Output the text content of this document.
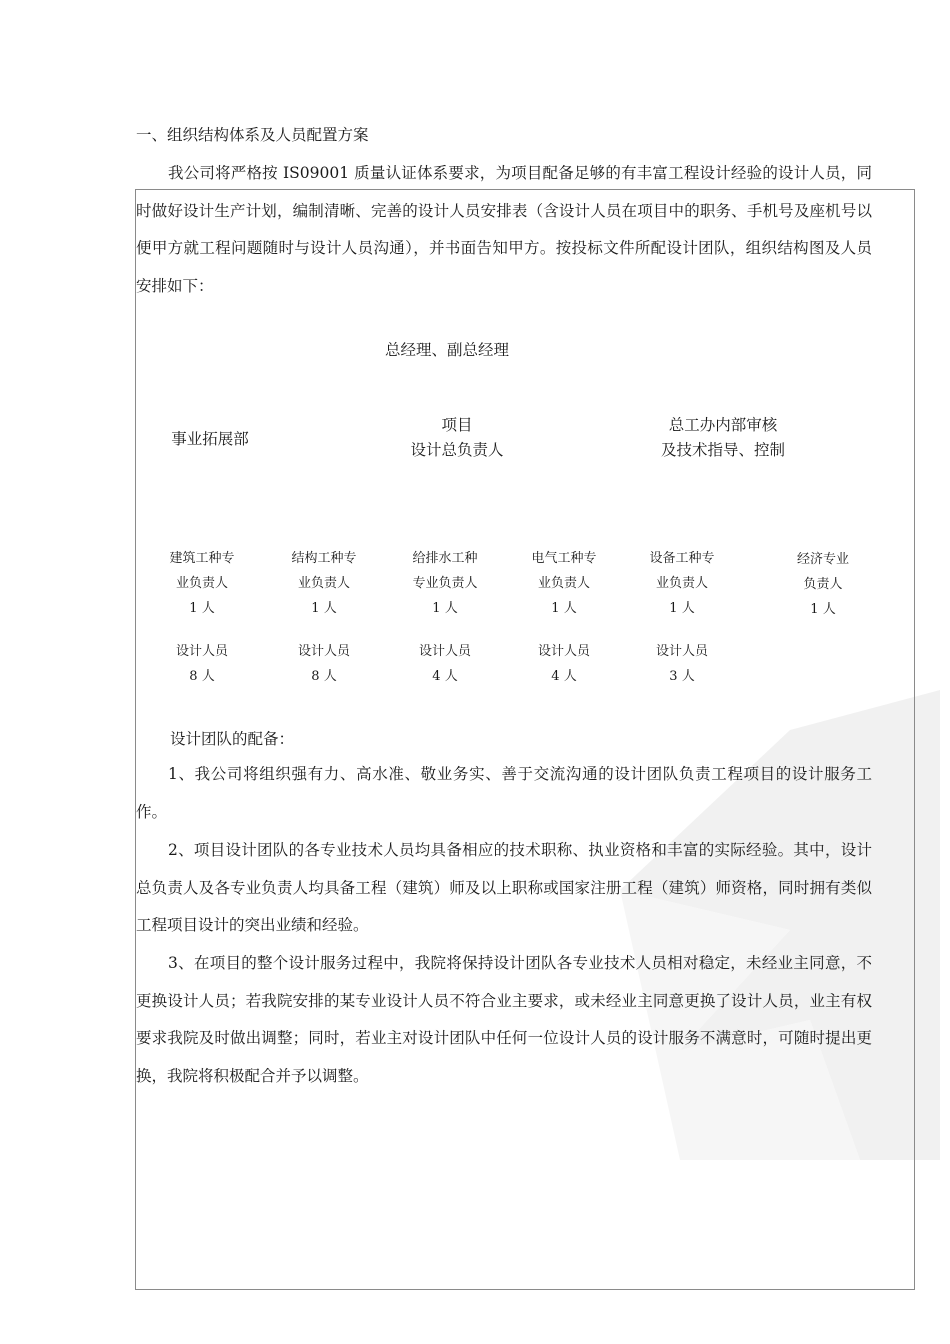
一、组织结构体系及人员配置方案

我公司将严格按 IS09001 质量认证体系要求，为项目配备足够的有丰富工程设计经验的设计人员，同时做好设计生产计划，编制清晰、完善的设计人员安排表（含设计人员在项目中的职务、手机号及座机号以便甲方就工程问题随时与设计人员沟通），并书面告知甲方。按投标文件所配设计团队，组织结构图及人员安排如下：

总经理、副总经理
事业拓展部
项目
设计总负责人
总工办内部审核
及技术指导、控制
建筑工种专
业负责人
1 人
结构工种专
业负责人
1 人
给排水工种
专业负责人
1 人
电气工种专
业负责人
1 人
设备工种专
业负责人
1 人
经济专业
负责人
1 人
设计人员
8 人
设计人员
8 人
设计人员
4 人
设计人员
4 人
设计人员
3 人
设计团队的配备：

1、我公司将组织强有力、高水准、敬业务实、善于交流沟通的设计团队负责工程项目的设计服务工作。

2、项目设计团队的各专业技术人员均具备相应的技术职称、执业资格和丰富的实际经验。其中，设计总负责人及各专业负责人均具备工程（建筑）师及以上职称或国家注册工程（建筑）师资格，同时拥有类似工程项目设计的突出业绩和经验。

3、在项目的整个设计服务过程中，我院将保持设计团队各专业技术人员相对稳定，未经业主同意，不更换设计人员；若我院安排的某专业设计人员不符合业主要求，或未经业主同意更换了设计人员，业主有权要求我院及时做出调整；同时，若业主对设计团队中任何一位设计人员的设计服务不满意时，可随时提出更换，我院将积极配合并予以调整。
